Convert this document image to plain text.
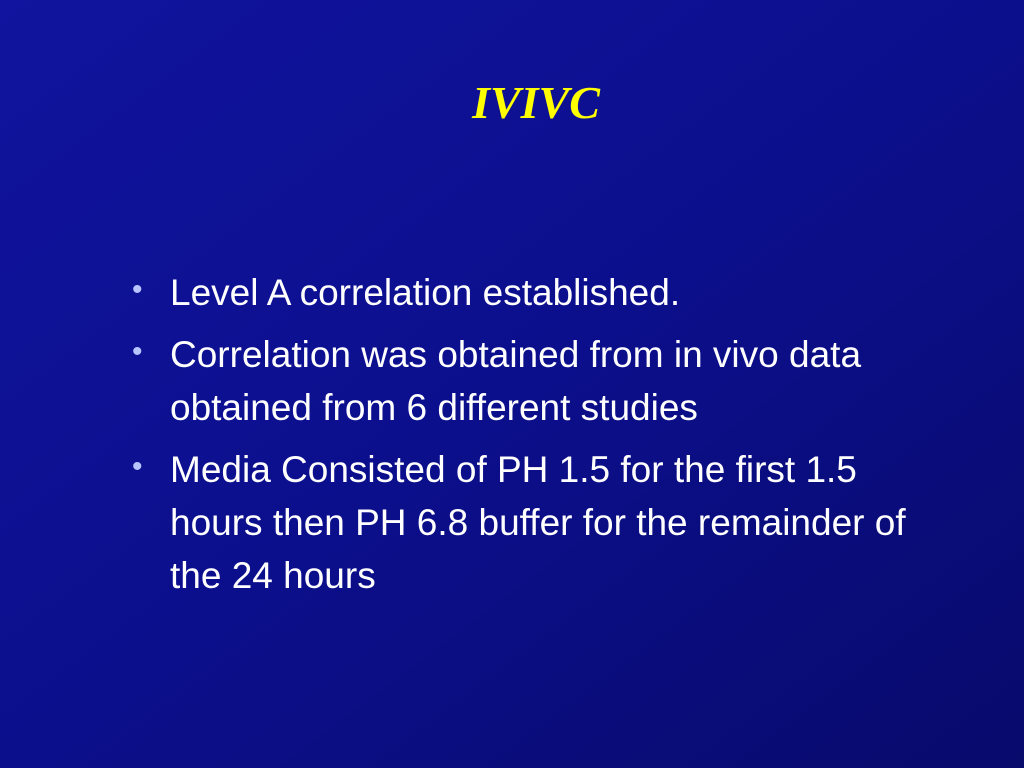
IVIVC
• Level A correlation established.
• Correlation was obtained from in vivo data obtained from 6 different studies
• Media Consisted of PH 1.5 for the first 1.5 hours then PH 6.8 buffer for the remainder of the 24 hours
